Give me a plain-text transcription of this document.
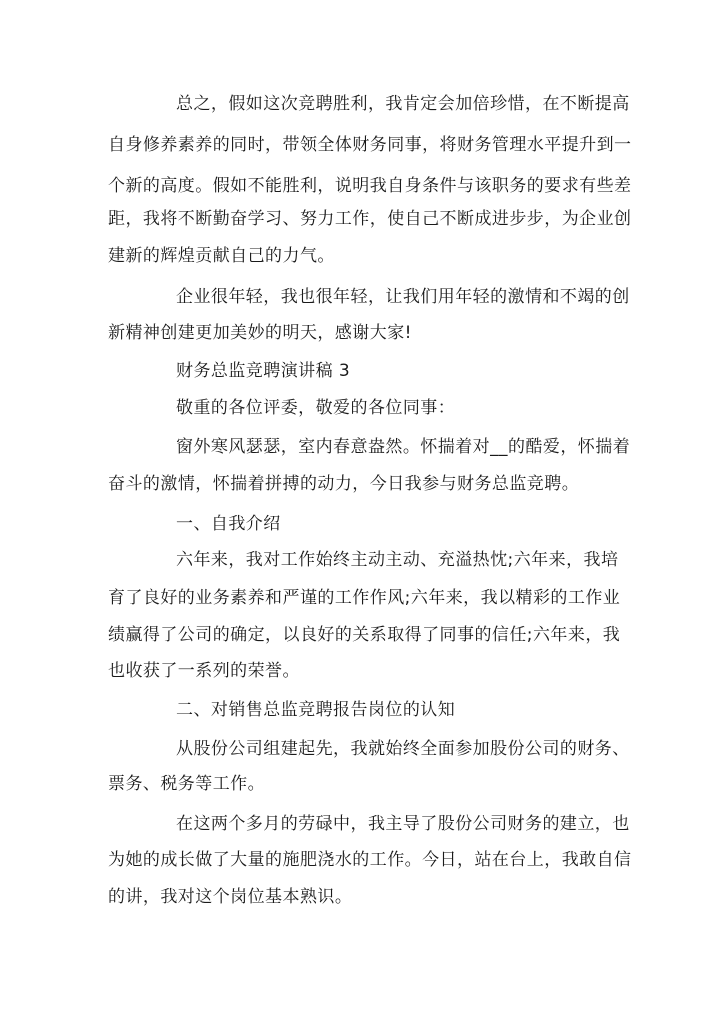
总之，假如这次竞聘胜利，我肯定会加倍珍惜，在不断提高
自身修养素养的同时，带领全体财务同事，将财务管理水平提升到一
个新的高度。假如不能胜利，说明我自身条件与该职务的要求有些差
距，我将不断勤奋学习、努力工作，使自己不断成进步步，为企业创
建新的辉煌贡献自己的力气。
企业很年轻，我也很年轻，让我们用年轻的激情和不竭的创
新精神创建更加美妙的明天，感谢大家!
财务总监竞聘演讲稿 3
敬重的各位评委，敬爱的各位同事：
窗外寒风瑟瑟，室内春意盎然。怀揣着对__的酷爱，怀揣着
奋斗的激情，怀揣着拼搏的动力，今日我参与财务总监竞聘。
一、自我介绍
六年来，我对工作始终主动主动、充溢热忱;六年来，我培
育了良好的业务素养和严谨的工作作风;六年来，我以精彩的工作业
绩赢得了公司的确定，以良好的关系取得了同事的信任;六年来，我
也收获了一系列的荣誉。
二、对销售总监竞聘报告岗位的认知
从股份公司组建起先，我就始终全面参加股份公司的财务、
票务、税务等工作。
在这两个多月的劳碌中，我主导了股份公司财务的建立，也
为她的成长做了大量的施肥浇水的工作。今日，站在台上，我敢自信
的讲，我对这个岗位基本熟识。
